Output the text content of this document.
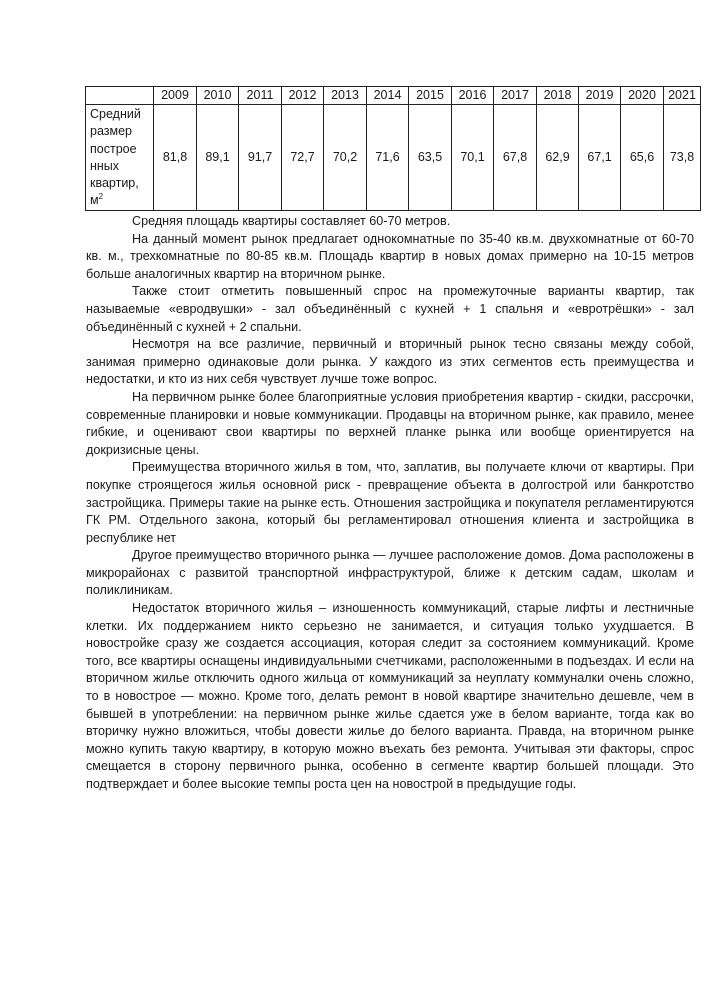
	2009	2010	2011	2012	2013	2014	2015	2016	2017	2018	2019	2020	2021
Средний размер построе нных квартир, $м^2$	81,8	89,1	91,7	72,7	70,2	71,6	63,5	70,1	67,8	62,9	67,1	65,6	73,8

Средняя площадь квартиры составляет 60-70 метров.

На данный момент рынок предлагает однокомнатные по 35-40 кв.м. двухкомнатные от 60-70 кв. м., трехкомнатные по 80-85 кв.м. Площадь квартир в новых домах примерно на 10-15 метров больше аналогичных квартир на вторичном рынке.

Также стоит отметить повышенный спрос на промежуточные варианты квартир, так называемые «евродвушки» - зал объединённый с кухней + 1 спальня и «евротрёшки» - зал объединённый с кухней + 2 спальни.

Несмотря на все различие, первичный и вторичный рынок тесно связаны между собой, занимая примерно одинаковые доли рынка. У каждого из этих сегментов есть преимущества и недостатки, и кто из них себя чувствует лучше тоже вопрос.

На первичном рынке более благоприятные условия приобретения квартир - скидки, рассрочки, современные планировки и новые коммуникации. Продавцы на вторичном рынке, как правило, менее гибкие, и оценивают свои квартиры по верхней планке рынка или вообще ориентируется на докризисные цены.

Преимущества вторичного жилья в том, что, заплатив, вы получаете ключи от квартиры. При покупке строящегося жилья основной риск - превращение объекта в долгострой или банкротство застройщика. Примеры такие на рынке есть. Отношения застройщика и покупателя регламентируются ГК РМ. Отдельного закона, который бы регламентировал отношения клиента и застройщика в республике нет

Другое преимущество вторичного рынка — лучшее расположение домов. Дома расположены в микрорайонах с развитой транспортной инфраструктурой, ближе к детским садам, школам и поликлиникам.

Недостаток вторичного жилья – изношенность коммуникаций, старые лифты и лестничные клетки. Их поддержанием никто серьезно не занимается, и ситуация только ухудшается. В новостройке сразу же создается ассоциация, которая следит за состоянием коммуникаций. Кроме того, все квартиры оснащены индивидуальными счетчиками, расположенными в подъездах. И если на вторичном жилье отключить одного жильца от коммуникаций за неуплату коммуналки очень сложно, то в новострое — можно. Кроме того, делать ремонт в новой квартире значительно дешевле, чем в бывшей в употреблении: на первичном рынке жилье сдается уже в белом варианте, тогда как во вторичку нужно вложиться, чтобы довести жилье до белого варианта. Правда, на вторичном рынке можно купить такую квартиру, в которую можно въехать без ремонта. Учитывая эти факторы, спрос смещается в сторону первичного рынка, особенно в сегменте квартир большей площади. Это подтверждает и более высокие темпы роста цен на новострой в предыдущие годы.
